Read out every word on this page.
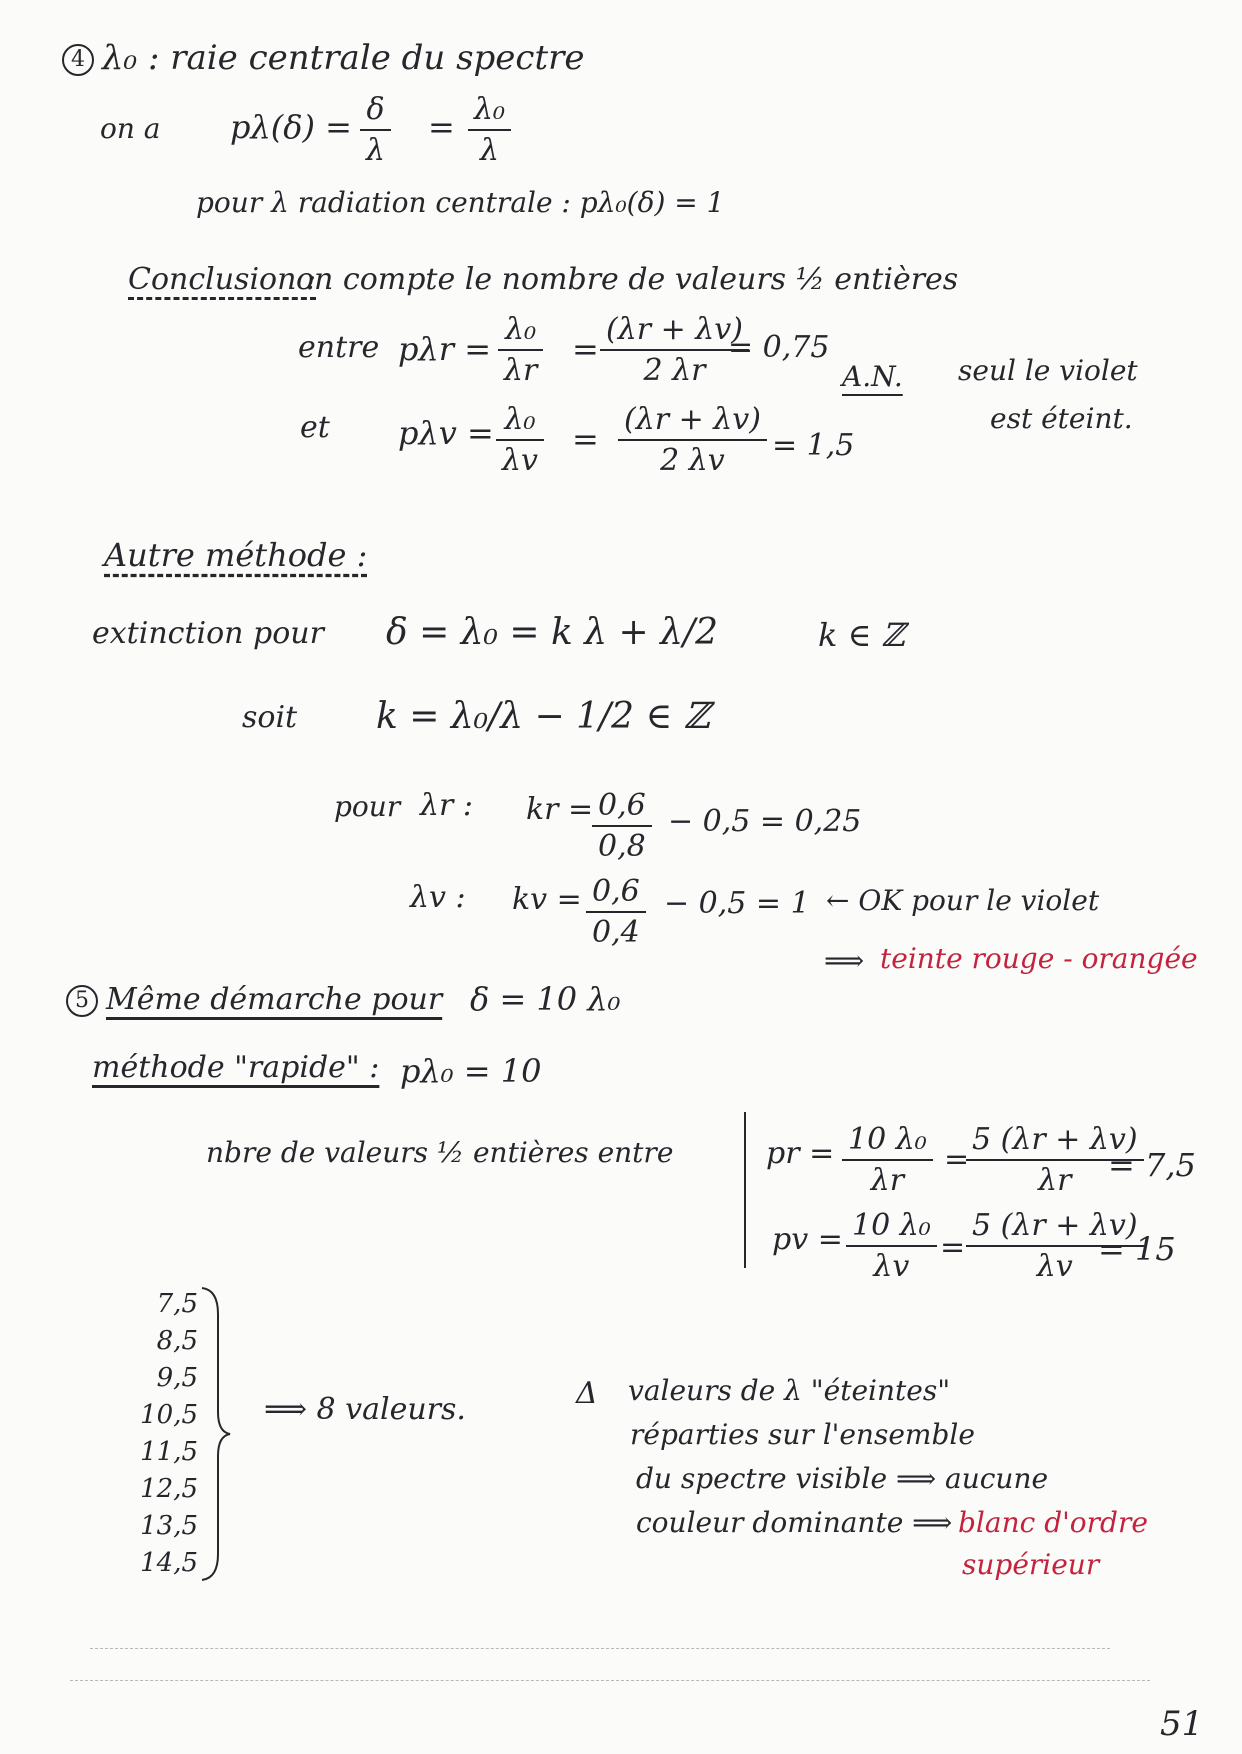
4 λ₀ : raie centrale du spectre
on a pλ(δ) = δ
λ
= λ₀
λ
pour λ radiation centrale : pλ₀(δ) = 1
Conclusion :
on compte le nombre de valeurs ½ entières
entre pλr =
λ₀
λr
=
(λr + λv)
2 λr
= 0,75
A.N. seul le violet
est éteint.
et pλv = λ₀
λv
=
(λr + λv)
2 λv = 1,5
Autre méthode :
extinction pour δ = λ₀ = k λ + λ/2	k ∈ ℤ
soit k = λ₀/λ − 1/2 ∈ ℤ
pour λr : kr = 0,6
0,8
− 0,5 = 0,25
λv : kv = 0,6
0,4
− 0,5 = 1 ← OK pour le violet
⟹ teinte rouge - orangée
5 Même démarche pour δ = 10 λ₀
méthode "rapide" : pλ₀ = 10
nbre de valeurs ½ entières entre	pr = 10 λ₀
λr
=
5 (λr + λv)
λr = 7,5
pv = 10 λ₀
λv
=
5 (λr + λv)
λv = 15
7,5
8,5
9,5
10,5
11,5
12,5
13,5
14,5
⟹ 8 valeurs.	Δ valeurs de λ "éteintes"
réparties sur l'ensemble
du spectre visible ⟹ aucune
couleur dominante ⟹ blanc d'ordre
supérieur
51
